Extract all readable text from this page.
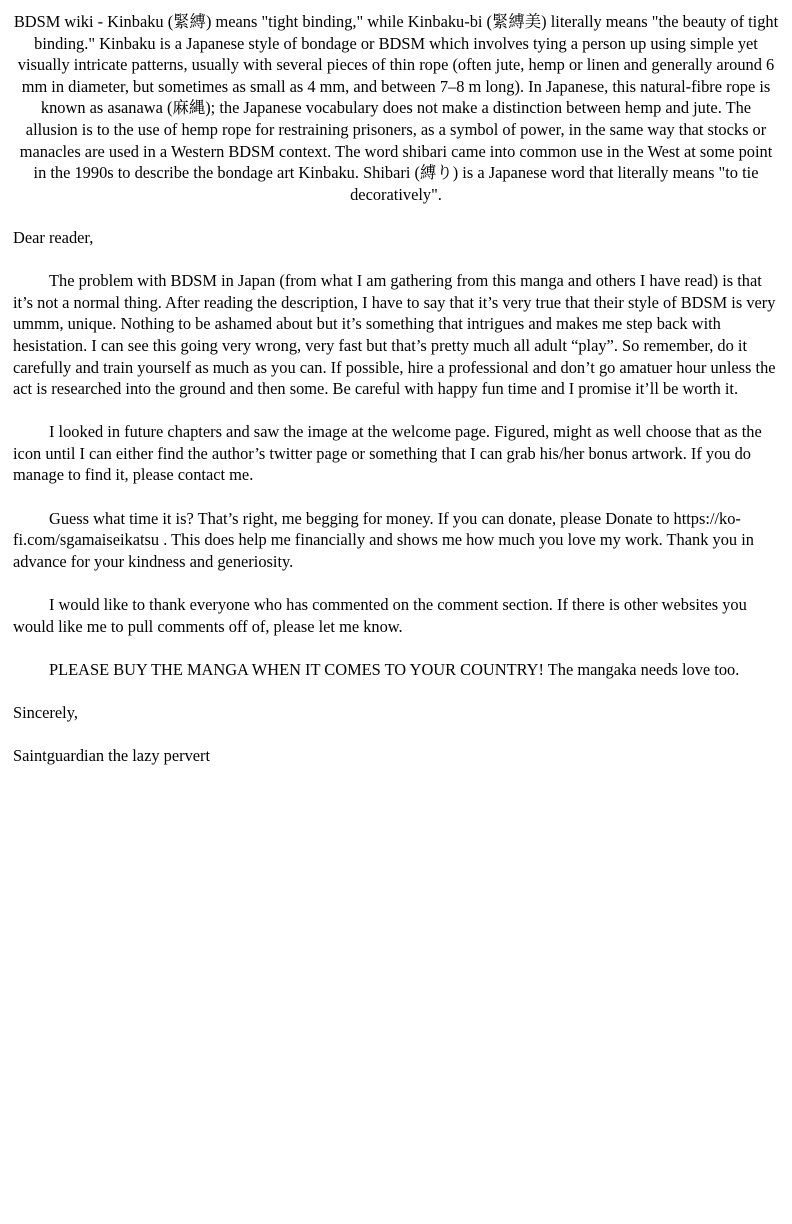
BDSM wiki - Kinbaku (緊縛) means "tight binding," while Kinbaku-bi (緊縛美) literally means "the beauty of tight binding." Kinbaku is a Japanese style of bondage or BDSM which involves tying a person up using simple yet visually intricate patterns, usually with several pieces of thin rope (often jute, hemp or linen and generally around 6 mm in diameter, but sometimes as small as 4 mm, and between 7–8 m long). In Japanese, this natural-fibre rope is known as asanawa (麻縄); the Japanese vocabulary does not make a distinction between hemp and jute. The allusion is to the use of hemp rope for restraining prisoners, as a symbol of power, in the same way that stocks or manacles are used in a Western BDSM context. The word shibari came into common use in the West at some point in the 1990s to describe the bondage art Kinbaku. Shibari (縛り) is a Japanese word that literally means "to tie decoratively".

Dear reader,

The problem with BDSM in Japan (from what I am gathering from this manga and others I have read) is that it’s not a normal thing. After reading the description, I have to say that it’s very true that their style of BDSM is very ummm, unique. Nothing to be ashamed about but it’s something that intrigues and makes me step back with hesistation. I can see this going very wrong, very fast but that’s pretty much all adult “play”. So remember, do it carefully and train yourself as much as you can. If possible, hire a professional and don’t go amatuer hour unless the act is researched into the ground and then some. Be careful with happy fun time and I promise it’ll be worth it.

I looked in future chapters and saw the image at the welcome page. Figured, might as well choose that as the icon until I can either find the author’s twitter page or something that I can grab his/her bonus artwork. If you do manage to find it, please contact me.

Guess what time it is? That’s right, me begging for money. If you can donate, please Donate to https://ko-fi.com/sgamaiseikatsu . This does help me financially and shows me how much you love my work. Thank you in advance for your kindness and generiosity.

I would like to thank everyone who has commented on the comment section. If there is other websites you would like me to pull comments off of, please let me know.

PLEASE BUY THE MANGA WHEN IT COMES TO YOUR COUNTRY! The mangaka needs love too.

Sincerely,

Saintguardian the lazy pervert
